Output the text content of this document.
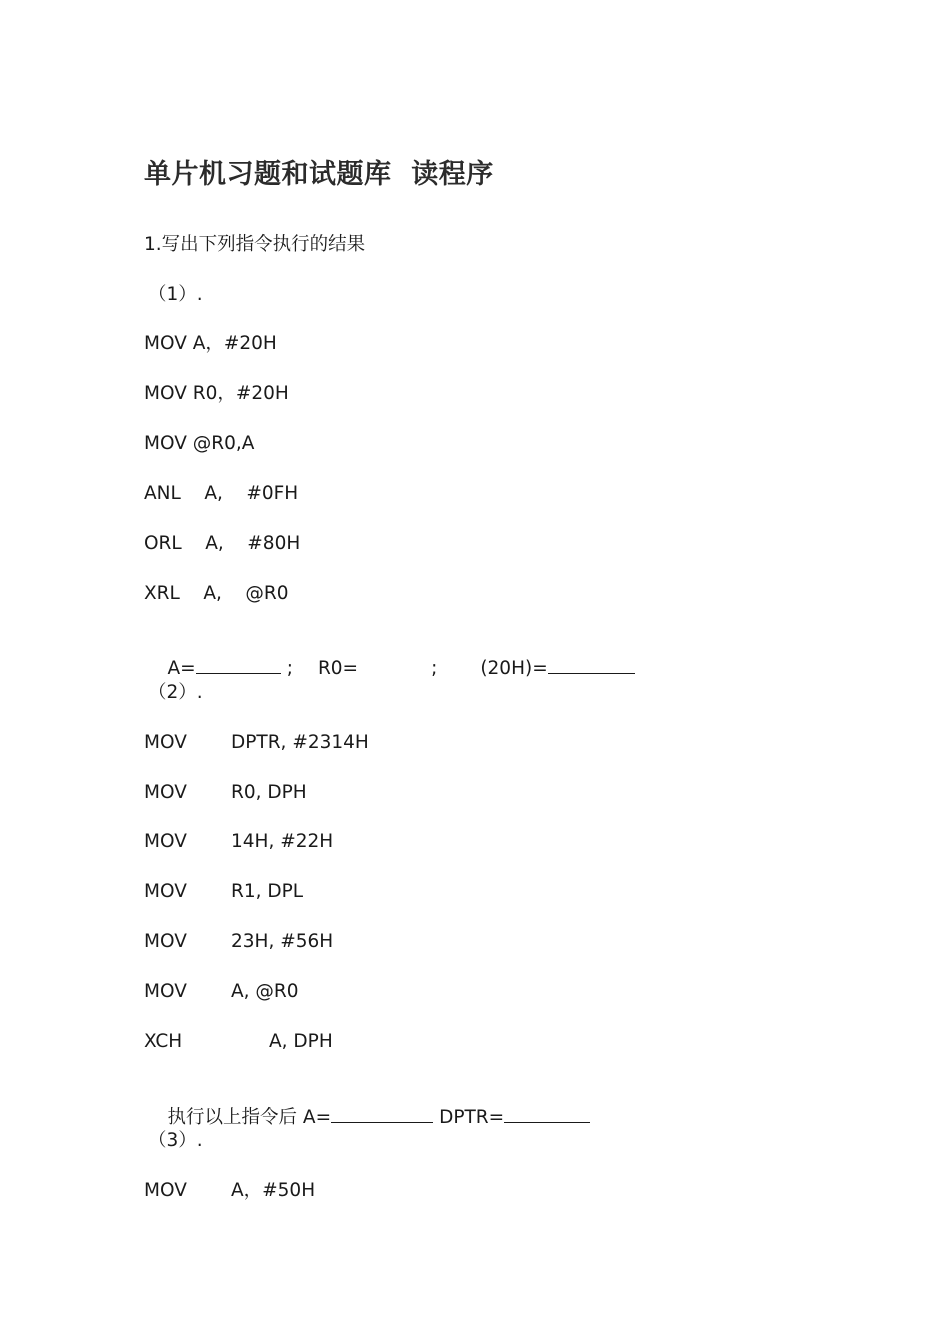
单片机习题和试题库  读程序
1.写出下列指令执行的结果
（1）.
MOV A，#20H
MOV R0，#20H
MOV @R0,A
ANL    A,    #0FH
ORL    A,    #80H
XRL    A,    @R0

A=	; R0=	; (20H)=

（2）.
MOV DPTR, #2314H
MOV R0, DPH
MOV 14H, #22H
MOV R1, DPL
MOV 23H, #56H
MOV A, @R0
XCH	A, DPH

执行以上指令后 A=	DPTR=

（3）.
MOV A，#50H
